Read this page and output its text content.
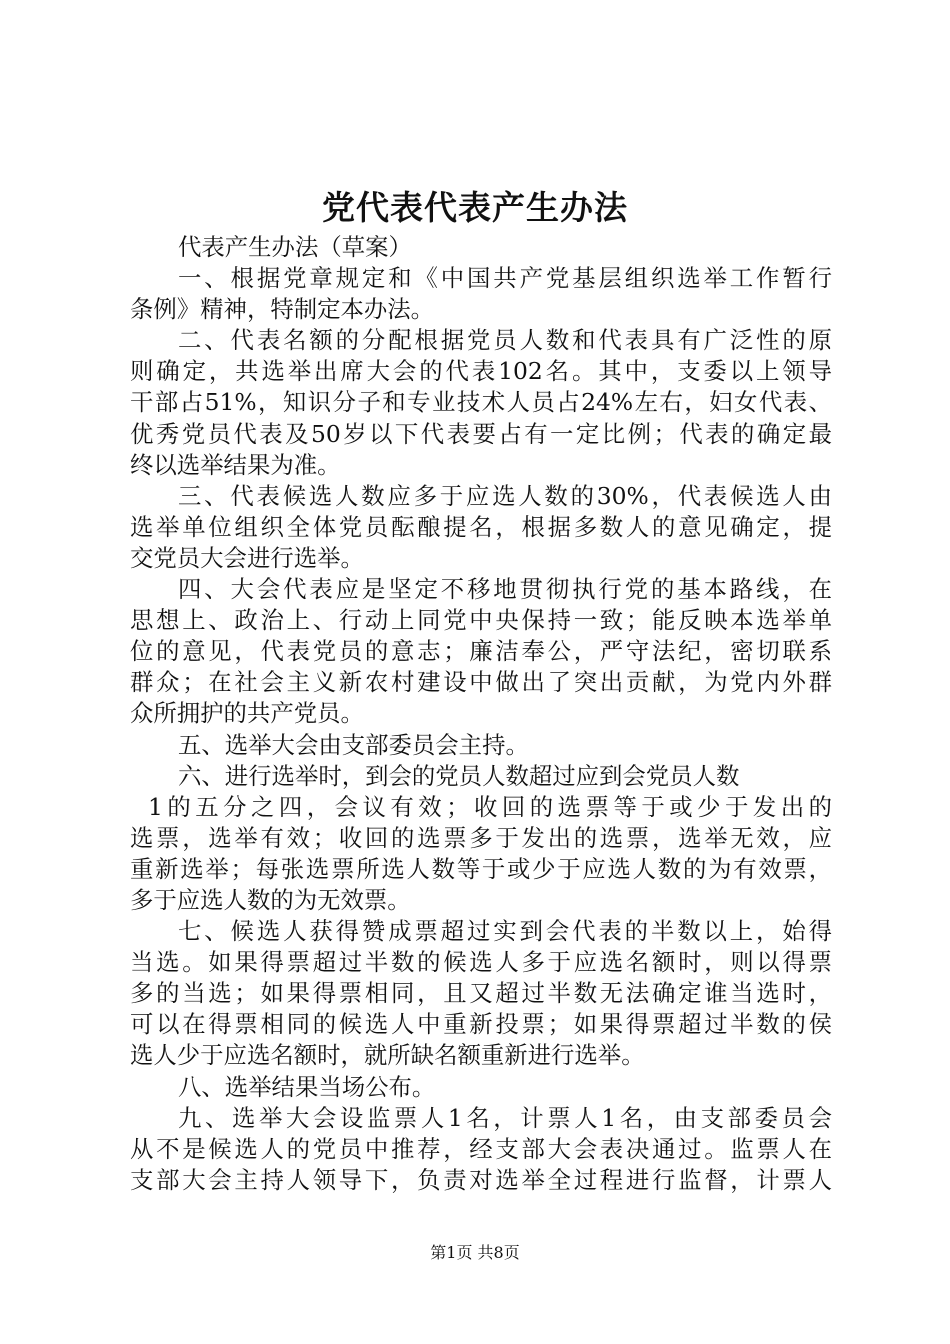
党代表代表产生办法
代表产生办法（草案）
一、根据党章规定和《中国共产党基层组织选举工作暂行
条例》精神，特制定本办法。
二、代表名额的分配根据党员人数和代表具有广泛性的原
则确定，共选举出席大会的代表102名。其中，支委以上领导
干部占51%，知识分子和专业技术人员占24%左右，妇女代表、
优秀党员代表及50岁以下代表要占有一定比例；代表的确定最
终以选举结果为准。
三、代表候选人数应多于应选人数的30%，代表候选人由
选举单位组织全体党员酝酿提名，根据多数人的意见确定，提
交党员大会进行选举。
四、大会代表应是坚定不移地贯彻执行党的基本路线，在
思想上、政治上、行动上同党中央保持一致；能反映本选举单
位的意见，代表党员的意志；廉洁奉公，严守法纪，密切联系
群众；在社会主义新农村建设中做出了突出贡献，为党内外群
众所拥护的共产党员。
五、选举大会由支部委员会主持。
六、进行选举时，到会的党员人数超过应到会党员人数
1的五分之四，会议有效；收回的选票等于或少于发出的
选票，选举有效；收回的选票多于发出的选票，选举无效，应
重新选举；每张选票所选人数等于或少于应选人数的为有效票，
多于应选人数的为无效票。
七、候选人获得赞成票超过实到会代表的半数以上，始得
当选。如果得票超过半数的候选人多于应选名额时，则以得票
多的当选；如果得票相同，且又超过半数无法确定谁当选时，
可以在得票相同的候选人中重新投票；如果得票超过半数的侯
选人少于应选名额时，就所缺名额重新进行选举。
八、选举结果当场公布。
九、选举大会设监票人1名，计票人1名，由支部委员会
从不是候选人的党员中推荐，经支部大会表决通过。监票人在
支部大会主持人领导下，负责对选举全过程进行监督，计票人
第1页 共8页
